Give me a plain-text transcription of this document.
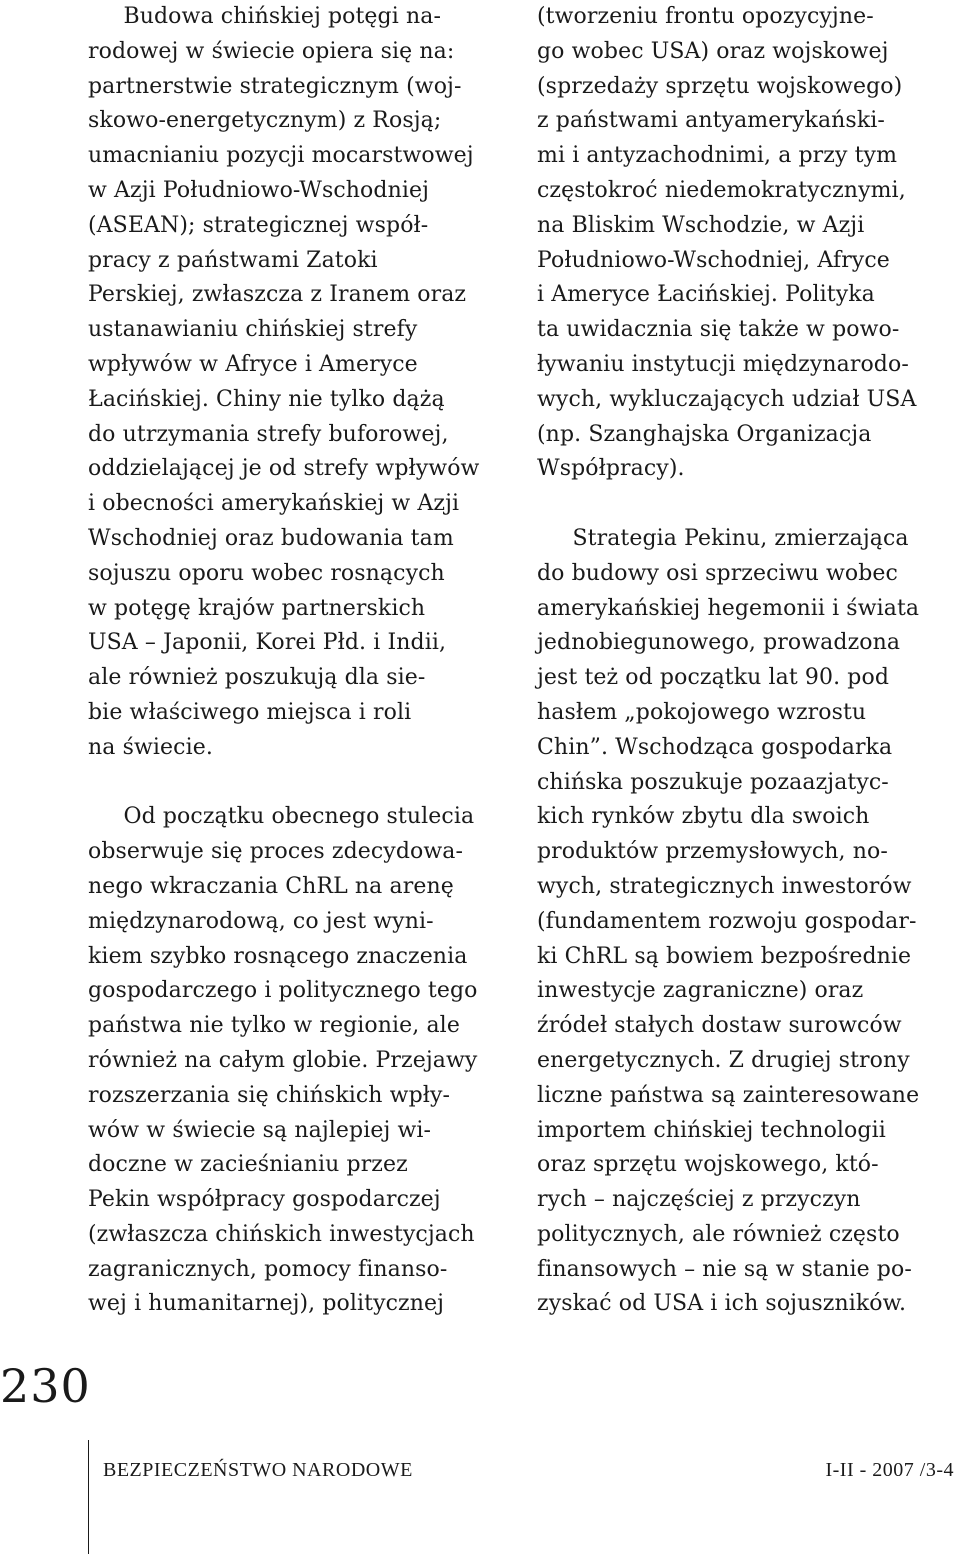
Budowa chińskiej potęgi na-
rodowej w świecie opiera się na:
partnerstwie strategicznym (woj-
skowo-energetycznym) z Rosją;
umacnianiu pozycji mocarstwowej
w Azji Południowo-Wschodniej
(ASEAN); strategicznej współ-
pracy z państwami Zatoki
Perskiej, zwłaszcza z Iranem oraz
ustanawianiu chińskiej strefy
wpływów w Afryce i Ameryce
Łacińskiej. Chiny nie tylko dążą
do utrzymania strefy buforowej,
oddzielającej je od strefy wpływów
i obecności amerykańskiej w Azji
Wschodniej oraz budowania tam
sojuszu oporu wobec rosnących
w potęgę krajów partnerskich
USA – Japonii, Korei Płd. i Indii,
ale również poszukują dla sie-
bie właściwego miejsca i roli
na świecie.
Od początku obecnego stulecia
obserwuje się proces zdecydowa-
nego wkraczania ChRL na arenę
międzynarodową, co jest wyni-
kiem szybko rosnącego znaczenia
gospodarczego i politycznego tego
państwa nie tylko w regionie, ale
również na całym globie. Przejawy
rozszerzania się chińskich wpły-
wów w świecie są najlepiej wi-
doczne w zacieśnianiu przez
Pekin współpracy gospodarczej
(zwłaszcza chińskich inwestycjach
zagranicznych, pomocy finanso-
wej i humanitarnej), politycznej
(tworzeniu frontu opozycyjne-
go wobec USA) oraz wojskowej
(sprzedaży sprzętu wojskowego)
z państwami antyamerykański-
mi i antyzachodnimi, a przy tym
częstokroć niedemokratycznymi,
na Bliskim Wschodzie, w Azji
Południowo-Wschodniej, Afryce
i Ameryce Łacińskiej. Polityka
ta uwidacznia się także w powo-
ływaniu instytucji międzynarodo-
wych, wykluczających udział USA
(np. Szanghajska Organizacja
Współpracy).
Strategia Pekinu, zmierzająca
do budowy osi sprzeciwu wobec
amerykańskiej hegemonii i świata
jednobiegunowego, prowadzona
jest też od początku lat 90. pod
hasłem „pokojowego wzrostu
Chin”. Wschodząca gospodarka
chińska poszukuje pozaazjatyc-
kich rynków zbytu dla swoich
produktów przemysłowych, no-
wych, strategicznych inwestorów
(fundamentem rozwoju gospodar-
ki ChRL są bowiem bezpośrednie
inwestycje zagraniczne) oraz
źródeł stałych dostaw surowców
energetycznych. Z drugiej strony
liczne państwa są zainteresowane
importem chińskiej technologii
oraz sprzętu wojskowego, któ-
rych – najczęściej z przyczyn
politycznych, ale również często
finansowych – nie są w stanie po-
zyskać od USA i ich sojuszników.
230
BEZPIECZEŃSTWO NARODOWE	I-II - 2007 /3-4
